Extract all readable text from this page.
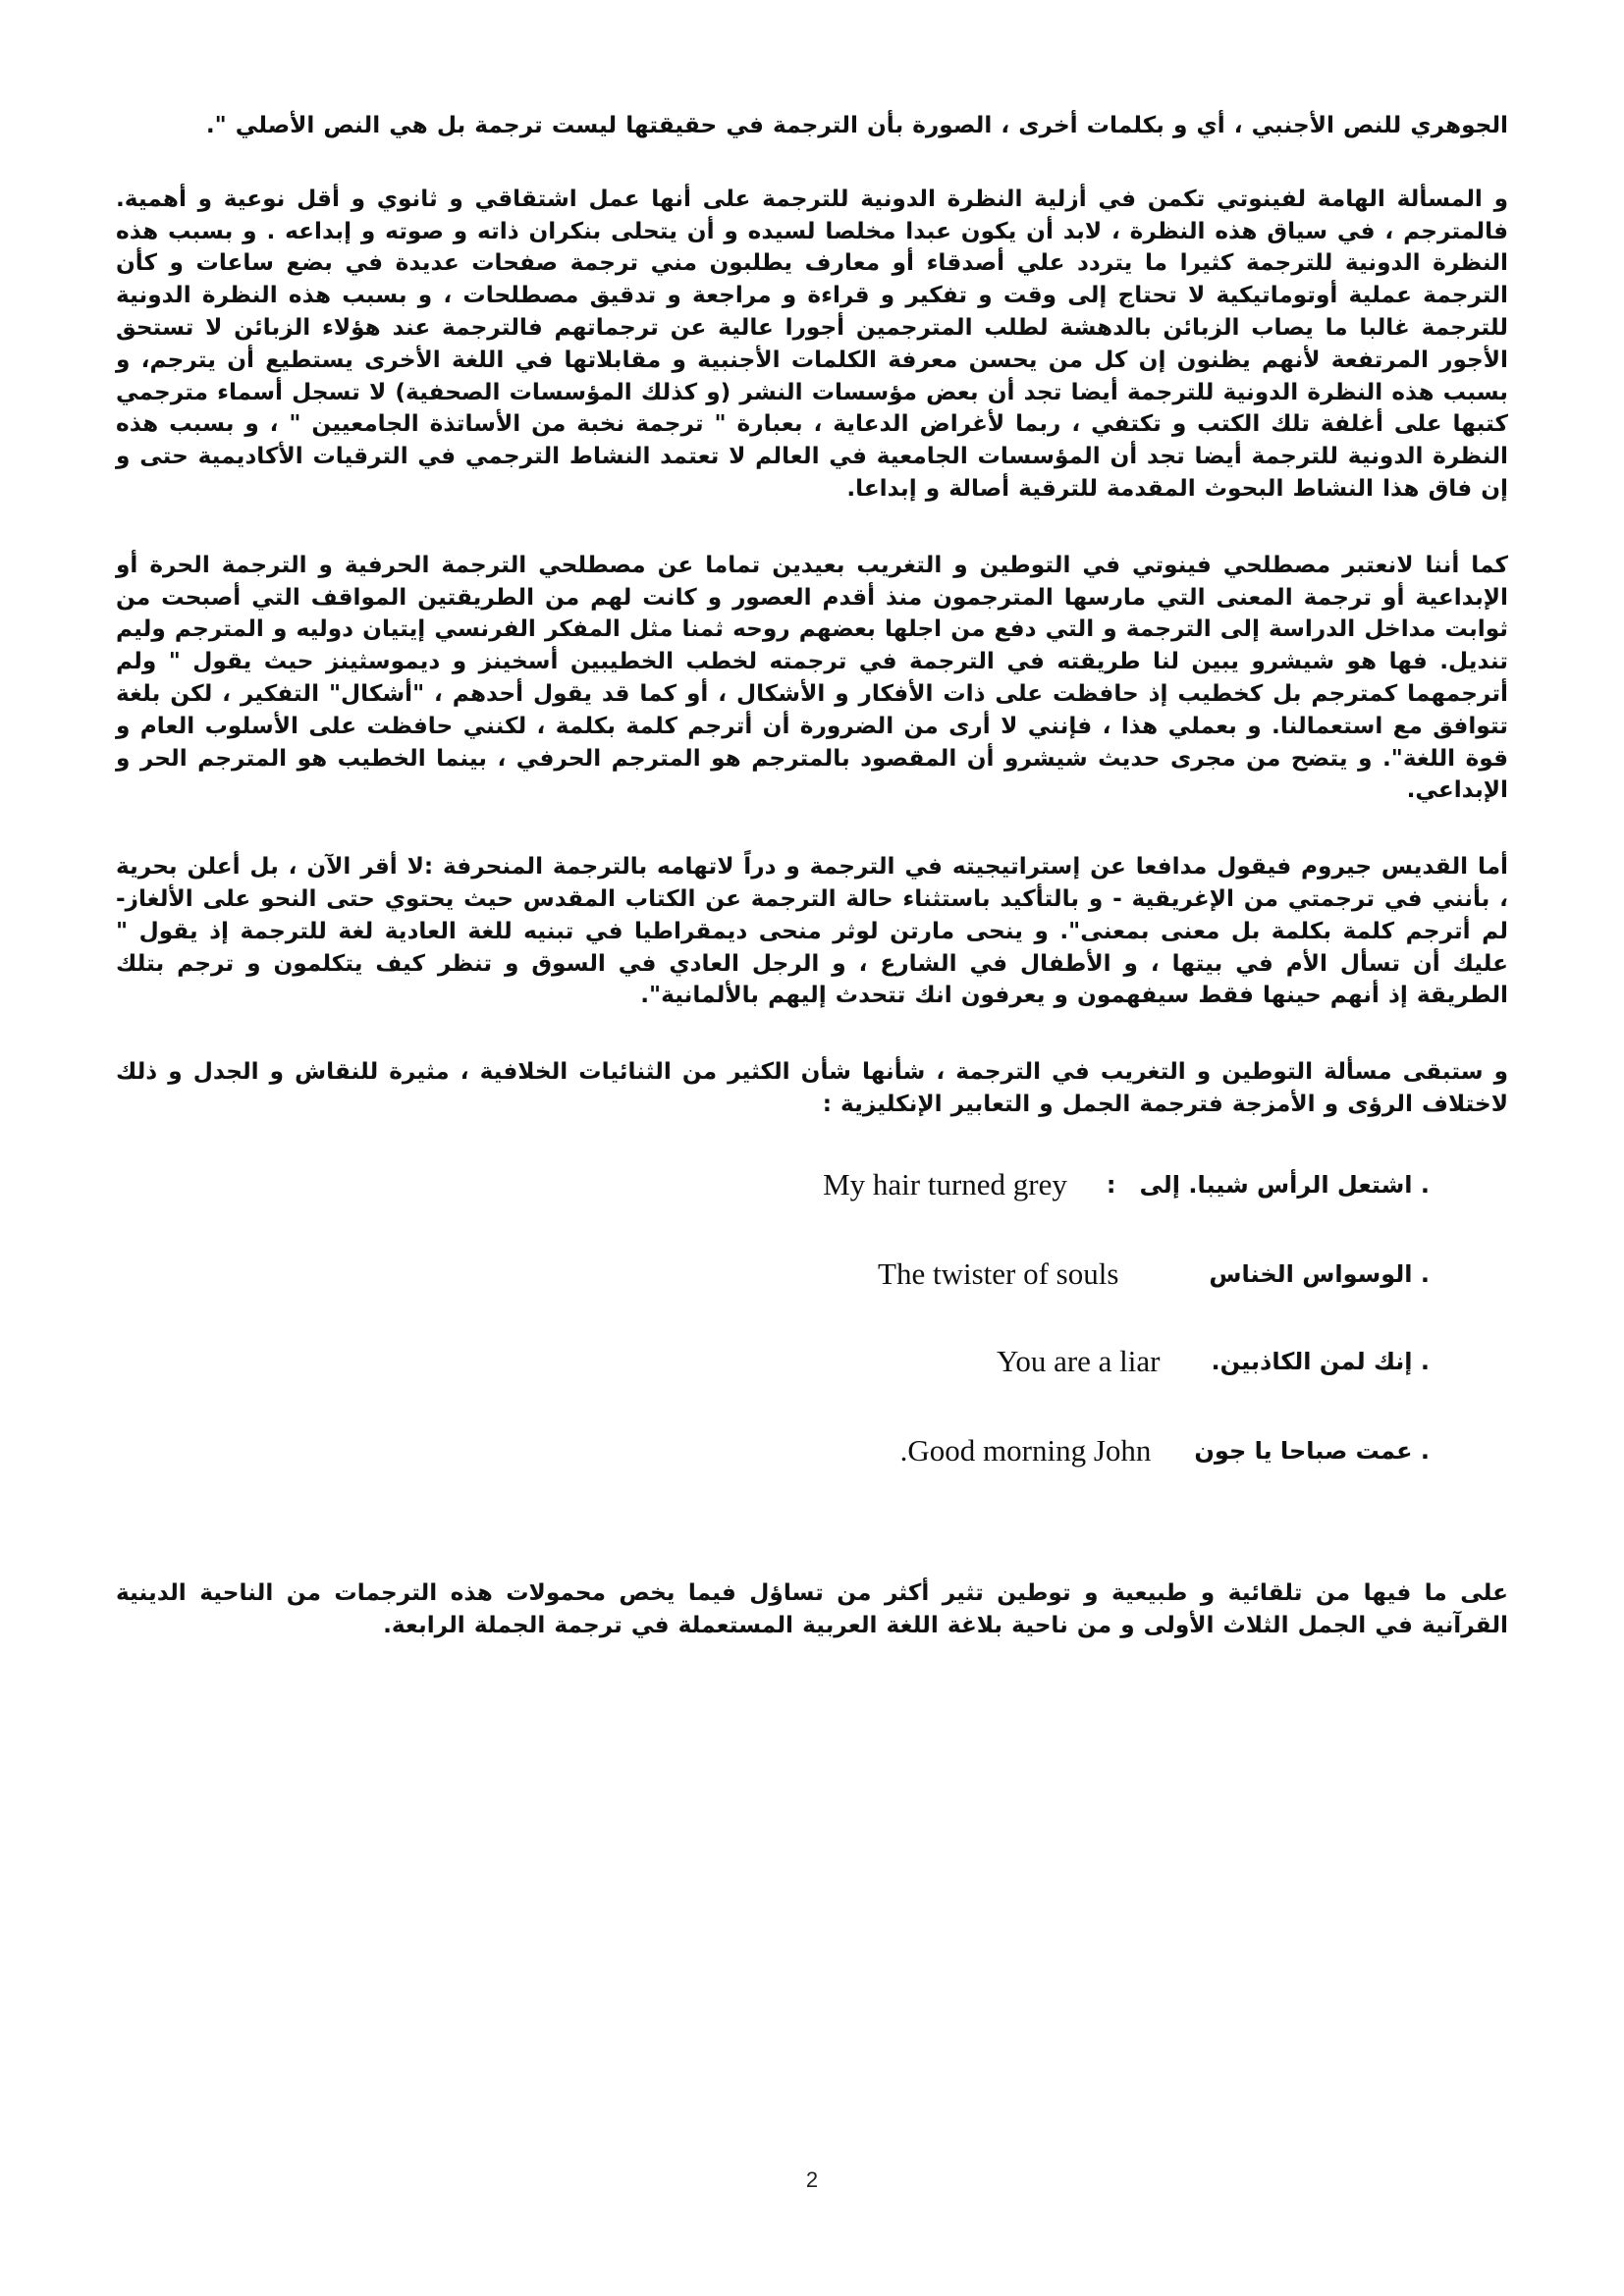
الجوهري للنص الأجنبي ، أي و بكلمات أخرى ، الصورة بأن الترجمة في حقيقتها ليست ترجمة بل هي النص الأصلي ".

و المسألة الهامة لفينوتي تكمن في أزلية النظرة الدونية للترجمة على أنها عمل اشتقاقي و ثانوي و أقل نوعية و أهمية. فالمترجم ، في سياق هذه النظرة ، لابد أن يكون عبدا مخلصا لسيده و أن يتحلى بنكران ذاته و صوته و إبداعه . و بسبب هذه النظرة الدونية للترجمة كثيرا ما يتردد علي أصدقاء أو معارف يطلبون مني ترجمة صفحات عديدة في بضع ساعات و كأن الترجمة عملية أوتوماتيكية لا تحتاج إلى وقت و تفكير و قراءة و مراجعة و تدقيق مصطلحات ، و بسبب هذه النظرة الدونية للترجمة غالبا ما يصاب الزبائن بالدهشة لطلب المترجمين أجورا عالية عن ترجماتهم فالترجمة عند هؤلاء الزبائن لا تستحق الأجور المرتفعة لأنهم يظنون إن كل من يحسن معرفة الكلمات الأجنبية و مقابلاتها في اللغة الأخرى يستطيع أن يترجم، و بسبب هذه النظرة الدونية للترجمة أيضا تجد أن بعض مؤسسات النشر (و كذلك المؤسسات الصحفية) لا تسجل أسماء مترجمي كتبها على أغلفة تلك الكتب و تكتفي ، ربما لأغراض الدعاية ، بعبارة " ترجمة نخبة من الأساتذة الجامعيين " ، و بسبب هذه النظرة الدونية للترجمة أيضا تجد أن المؤسسات الجامعية في العالم لا تعتمد النشاط الترجمي في الترقيات الأكاديمية حتى و إن فاق هذا النشاط البحوث المقدمة للترقية أصالة و إبداعا.

كما أننا لانعتبر مصطلحي فينوتي في التوطين و التغريب بعيدين تماما عن مصطلحي الترجمة الحرفية و الترجمة الحرة أو الإبداعية أو ترجمة المعنى التي مارسها المترجمون منذ أقدم العصور و كانت لهم من الطريقتين المواقف التي أصبحت من ثوابت مداخل الدراسة إلى الترجمة و التي دفع من اجلها بعضهم روحه ثمنا مثل المفكر الفرنسي إيتيان دوليه و المترجم وليم تندیل. فها هو شيشرو يبين لنا طريقته في الترجمة في ترجمته لخطب الخطيبين أسخينز و ديموسثينز حيث يقول " ولم أترجمهما كمترجم بل كخطيب إذ حافظت على ذات الأفكار و الأشكال ، أو كما قد يقول أحدهم ، "أشكال" التفكير ، لكن بلغة تتوافق مع استعمالنا. و بعملي هذا ، فإنني لا أرى من الضرورة أن أترجم كلمة بكلمة ، لكنني حافظت على الأسلوب العام و قوة اللغة". و يتضح من مجرى حديث شيشرو أن المقصود بالمترجم هو المترجم الحرفي ، بينما الخطيب هو المترجم الحر و الإبداعي.

أما القديس جيروم فيقول مدافعا عن إستراتيجيته في الترجمة و دراً لاتهامه بالترجمة المنحرفة :لا أقر الآن ، بل أعلن بحرية ، بأنني في ترجمتي من الإغريقية - و بالتأكيد باستثناء حالة الترجمة عن الكتاب المقدس حيث يحتوي حتى النحو على الألغاز- لم أترجم كلمة بكلمة بل معنى بمعنى". و ينحى مارتن لوثر منحى ديمقراطيا في تبنيه للغة العادية لغة للترجمة إذ يقول " عليك أن تسأل الأم في بيتها ، و الأطفال في الشارع ، و الرجل العادي في السوق و تنظر كيف يتكلمون و ترجم بتلك الطريقة إذ أنهم حينها فقط سيفهمون و يعرفون انك تتحدث إليهم بالألمانية".

و ستبقى مسألة التوطين و التغريب في الترجمة ، شأنها شأن الكثير من الثنائيات الخلافية ، مثيرة للنقاش و الجدل و ذلك لاختلاف الرؤى و الأمزجة فترجمة الجمل و التعابير الإنكليزية :

. اشتعل الرأس شيبا. إلى
:
My hair turned grey
. الوسواس الخناس
The twister of souls
. إنك لمن الكاذبين.
You are a liar
. عمت صباحا يا جون
.Good morning John

على ما فيها من تلقائية و طبيعية و توطين تثير أكثر من تساؤل فيما يخص محمولات هذه الترجمات من الناحية الدينية القرآنية في الجمل الثلاث الأولى و من ناحية بلاغة اللغة العربية المستعملة في ترجمة الجملة الرابعة.

2
